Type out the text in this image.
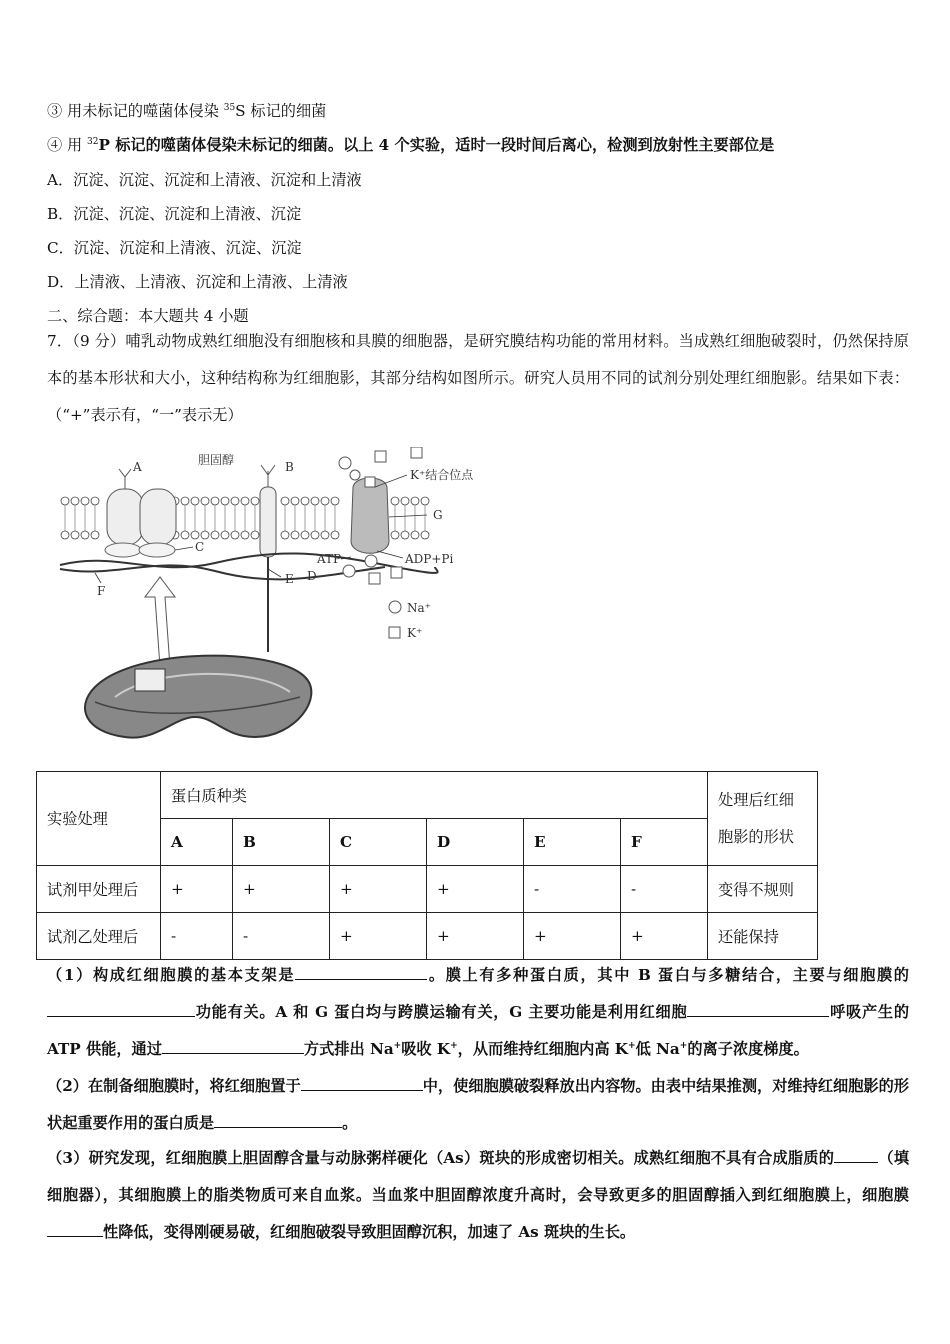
③ 用未标记的噬菌体侵染 $^{35}$S 标记的细菌
④ 用 $^{32}$P 标记的噬菌体侵染未标记的细菌。以上 4 个实验，适时一段时间后离心，检测到放射性主要部位是
A．沉淀、沉淀、沉淀和上清液、沉淀和上清液
B．沉淀、沉淀、沉淀和上清液、沉淀
C．沉淀、沉淀和上清液、沉淀、沉淀
D．上清液、上清液、沉淀和上清液、上清液
二、综合题：本大题共 4 小题

7．（9 分）哺乳动物成熟红细胞没有细胞核和具膜的细胞器，是研究膜结构功能的常用材料。当成熟红细胞破裂时，仍然保持原本的基本形状和大小，这种结构称为红细胞影，其部分结构如图所示。研究人员用不同的试剂分别处理红细胞影。结果如下表：（“+”表示有，“一”表示无）

A	胆固醇	B
K⁺结合位点
G
C
ATP	ADP+Pi
E D
F
Na⁺
K⁺
实验处理	蛋白质种类						处理后红细
胞影的形状

	A	B	C	D	E	F	
试剂甲处理后	+	+	+	+	-	-	变得不规则
试剂乙处理后	-	-	+	+	+	+	还能保持

（1）构成红细胞膜的基本支架是	。膜上有多种蛋白质，其中 B 蛋白与多糖结合，主要与细胞膜的功能有关。A 和 G 蛋白均与跨膜运输有关，G 主要功能是利用红细胞	呼吸产生的 ATP 供能，通过	方式排出 Na+吸收 K+，从而维持红细胞内高 K+低 Na+的离子浓度梯度。

（2）在制备细胞膜时，将红细胞置于	中，使细胞膜破裂释放出内容物。由表中结果推测，对维持红细胞影的形状起重要作用的蛋白质是	。

（3）研究发现，红细胞膜上胆固醇含量与动脉粥样硬化（As）斑块的形成密切相关。成熟红细胞不具有合成脂质的	（填细胞器），其细胞膜上的脂类物质可来自血浆。当血浆中胆固醇浓度升高时，会导致更多的胆固醇插入到红细胞膜上，细胞膜性降低，变得刚硬易破，红细胞破裂导致胆固醇沉积，加速了 As 斑块的生长。
